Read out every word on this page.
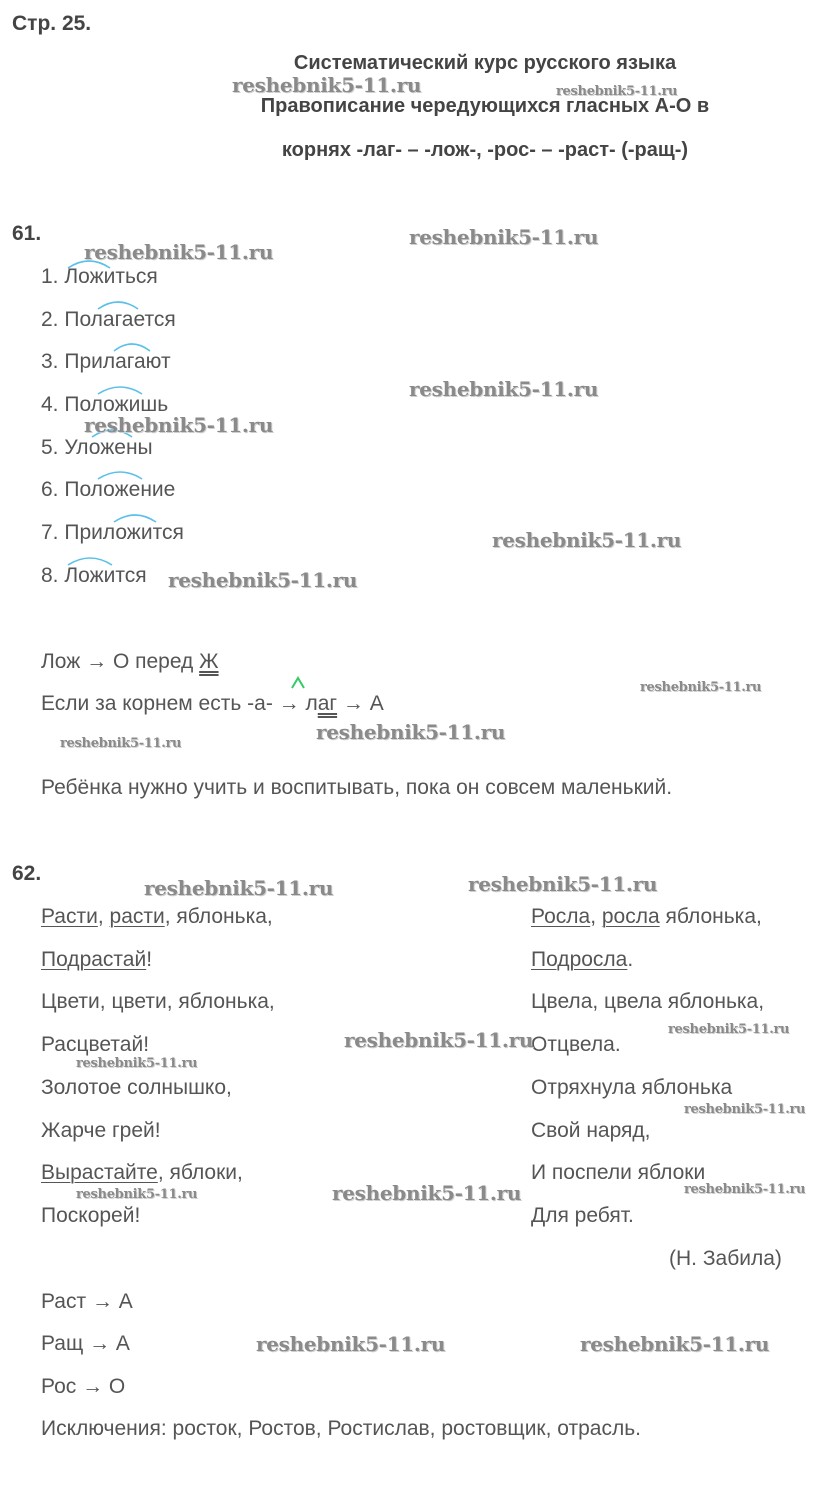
Стр. 25.
Систематический курс русского языка
Правописание чередующихся гласных А-О в
корнях -лаг- – -лож-, -рос- – -раст- (-ращ-)
61.
1. Ложиться
2. Полагается
3. Прилагают
4. Положишь
5. Уложены
6. Положение
7. Приложится
8. Ложится
Лож → О перед Ж
Если за корнем есть -а- → лаг → А
Ребёнка нужно учить и воспитывать, пока он совсем маленький.
62.
Расти, расти, яблонька,
Подрастай!
Цвети, цвети, яблонька,
Расцветай!
Золотое солнышко,
Жарче грей!
Вырастайте, яблоки,
Поскорей!
Росла, росла яблонька,
Подросла.
Цвела, цвела яблонька,
Отцвела.
Отряхнула яблонька
Свой наряд,
И поспели яблоки
Для ребят.
(Н. Забила)
Раст → А
Ращ → А
Рос → О
Исключения: росток, Ростов, Ростислав, ростовщик, отрасль.
reshebnik5-11.ru	reshebnik5-11.ru
reshebnik5-11.ru
reshebnik5-11.ru
reshebnik5-11.ru
reshebnik5-11.ru
reshebnik5-11.ru
reshebnik5-11.ru
reshebnik5-11.ru
reshebnik5-11.ru
reshebnik5-11.ru
reshebnik5-11.ru	reshebnik5-11.ru
reshebnik5-11.ru	reshebnik5-11.ru
reshebnik5-11.ru
reshebnik5-11.ru
reshebnik5-11.ru
reshebnik5-11.ru	reshebnik5-11.ru
reshebnik5-11.ru	reshebnik5-11.ru
